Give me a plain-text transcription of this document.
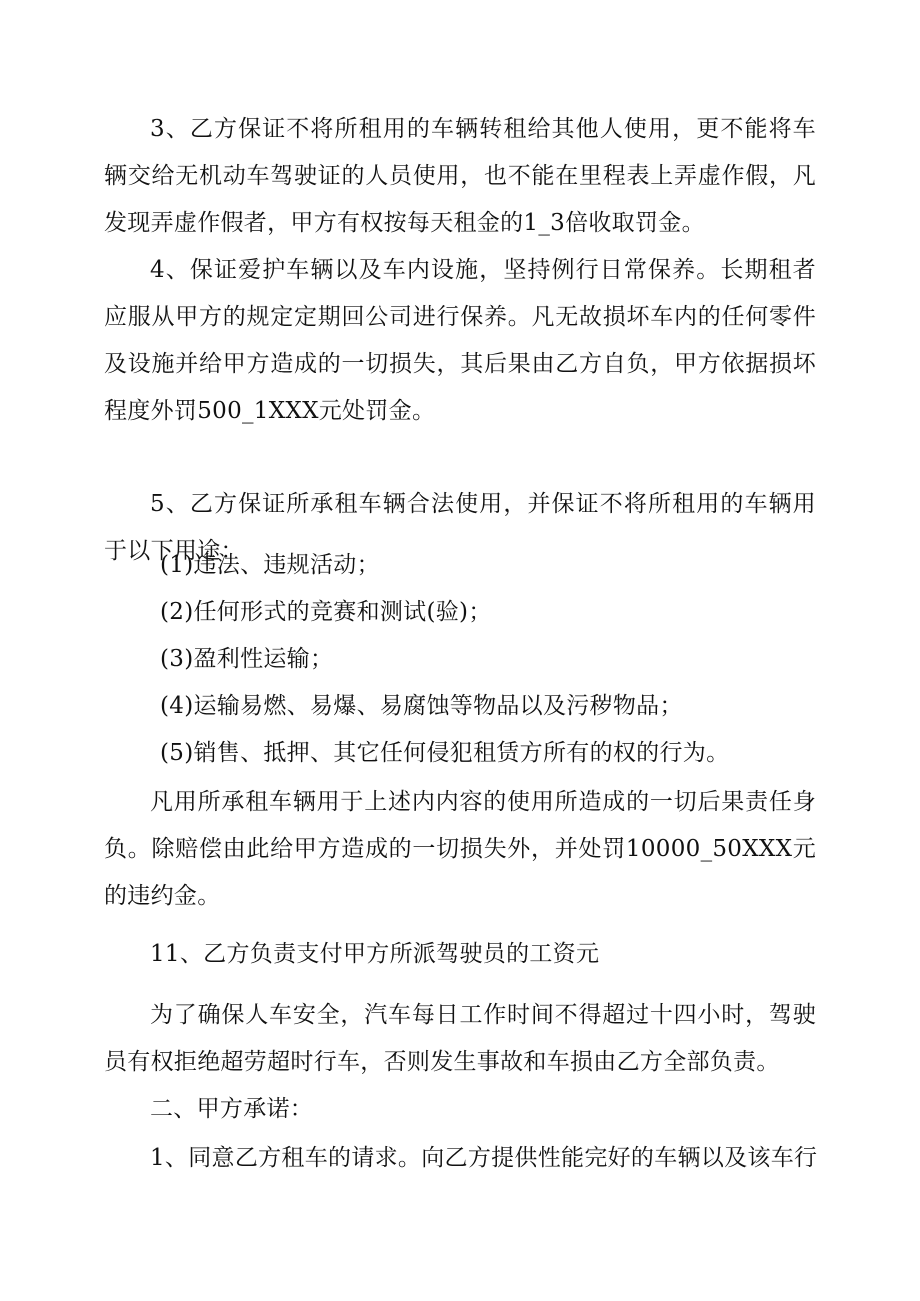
3、乙方保证不将所租用的车辆转租给其他人使用，更不能将车辆交给无机动车驾驶证的人员使用，也不能在里程表上弄虚作假，凡发现弄虚作假者，甲方有权按每天租金的1_3倍收取罚金。

4、保证爱护车辆以及车内设施，坚持例行日常保养。长期租者应服从甲方的规定定期回公司进行保养。凡无故损坏车内的任何零件及设施并给甲方造成的一切损失，其后果由乙方自负，甲方依据损坏程度外罚500_1XXX元处罚金。

5、乙方保证所承租车辆合法使用，并保证不将所租用的车辆用于以下用途：

(1)违法、违规活动；

(2)任何形式的竞赛和测试(验)；

(3)盈利性运输；

(4)运输易燃、易爆、易腐蚀等物品以及污秽物品；

(5)销售、抵押、其它任何侵犯租赁方所有的权的行为。

凡用所承租车辆用于上述内内容的使用所造成的一切后果责任身负。除赔偿由此给甲方造成的一切损失外，并处罚10000_50XXX元的违约金。

11、乙方负责支付甲方所派驾驶员的工资元

为了确保人车安全，汽车每日工作时间不得超过十四小时，驾驶员有权拒绝超劳超时行车，否则发生事故和车损由乙方全部负责。

二、甲方承诺：

1、同意乙方租车的请求。向乙方提供性能完好的车辆以及该车行
